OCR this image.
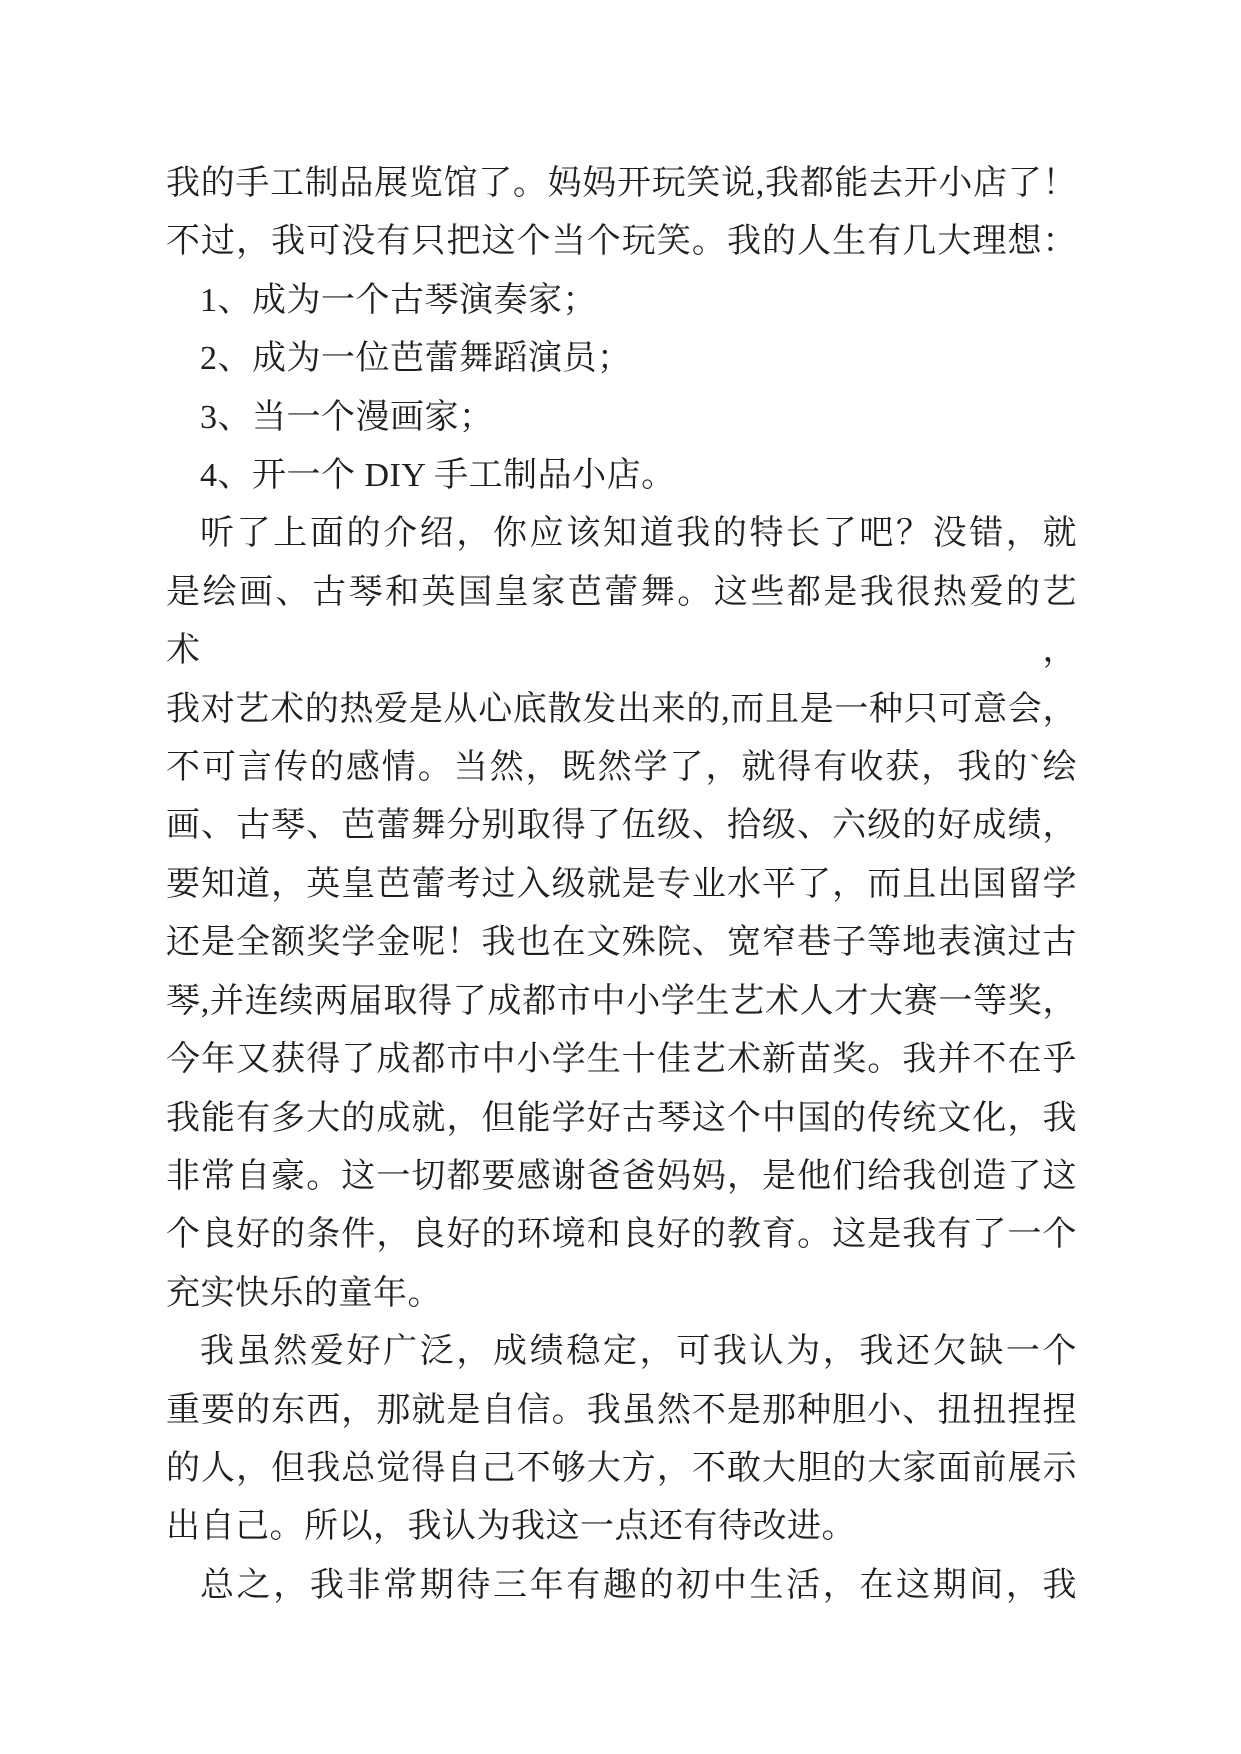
我的手工制品展览馆了。妈妈开玩笑说,我都能去开小店了！
不过，我可没有只把这个当个玩笑。我的人生有几大理想：
1、成为一个古琴演奏家；
2、成为一位芭蕾舞蹈演员；
3、当一个漫画家；
4、开一个 DIY 手工制品小店。
听了上面的介绍，你应该知道我的特长了吧？没错，就
是绘画、古琴和英国皇家芭蕾舞。这些都是我很热爱的艺术，
我对艺术的热爱是从心底散发出来的,而且是一种只可意会，
不可言传的感情。当然，既然学了，就得有收获，我的`绘
画、古琴、芭蕾舞分别取得了伍级、拾级、六级的好成绩，
要知道，英皇芭蕾考过入级就是专业水平了，而且出国留学
还是全额奖学金呢！我也在文殊院、宽窄巷子等地表演过古
琴,并连续两届取得了成都市中小学生艺术人才大赛一等奖，
今年又获得了成都市中小学生十佳艺术新苗奖。我并不在乎
我能有多大的成就，但能学好古琴这个中国的传统文化，我
非常自豪。这一切都要感谢爸爸妈妈，是他们给我创造了这
个良好的条件，良好的环境和良好的教育。这是我有了一个
充实快乐的童年。
我虽然爱好广泛，成绩稳定，可我认为，我还欠缺一个
重要的东西，那就是自信。我虽然不是那种胆小、扭扭捏捏
的人，但我总觉得自己不够大方，不敢大胆的大家面前展示
出自己。所以，我认为我这一点还有待改进。
总之，我非常期待三年有趣的初中生活，在这期间，我
